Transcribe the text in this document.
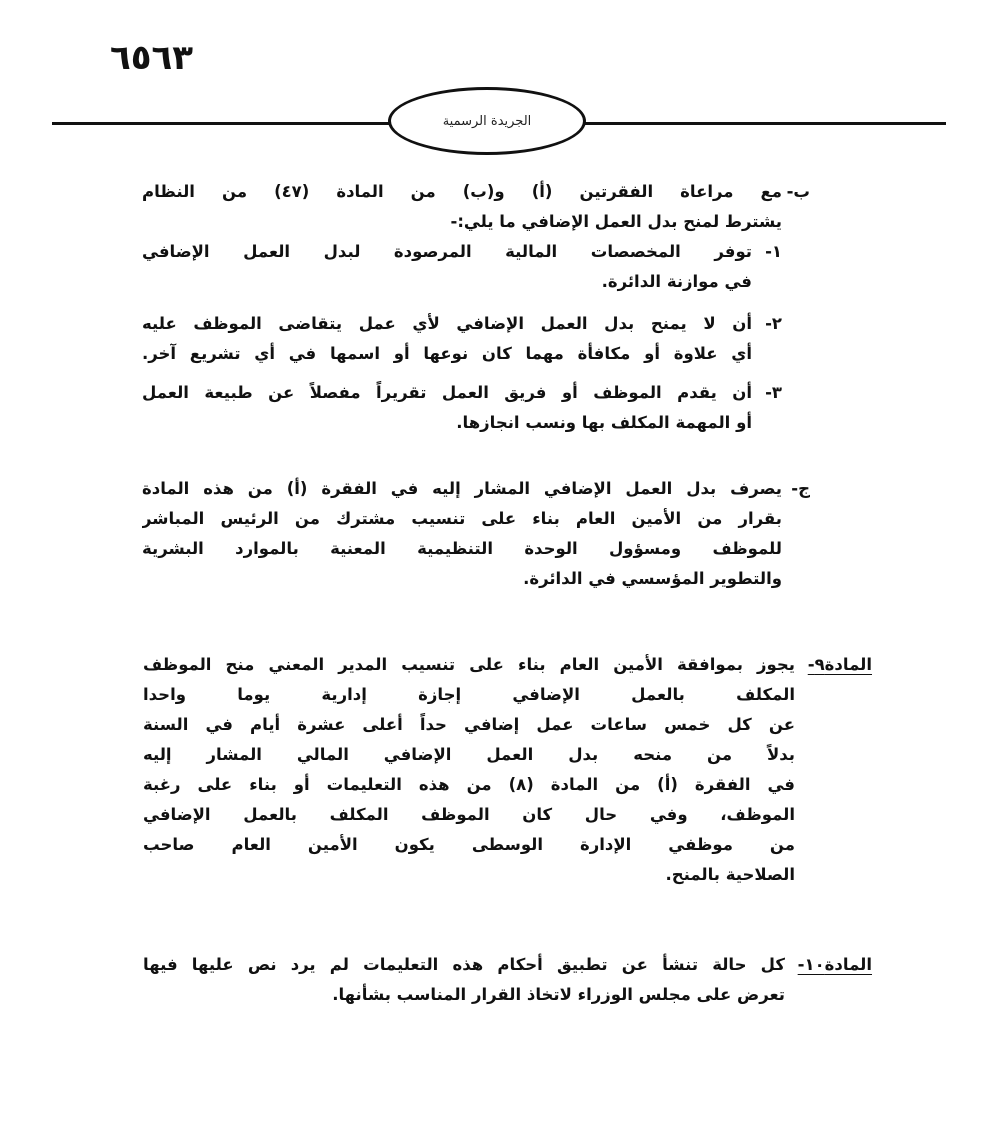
٦٥٦٣
الجريدة الرسمية
ب-
مع مراعاة الفقرتين (أ) و(ب) من المادة (٤٧) من النظام
يشترط لمنح بدل العمل الإضافي ما يلي:-
١-
توفر المخصصات المالية المرصودة لبدل العمل الإضافي
في موازنة الدائرة.
٢-
أن لا يمنح بدل العمل الإضافي لأي عمل يتقاضى الموظف عليه
أي علاوة أو مكافأة مهما كان نوعها أو اسمها في أي تشريع آخر.
٣-
أن يقدم الموظف أو فريق العمل تقريراً مفصلاً عن طبيعة العمل
أو المهمة المكلف بها ونسب انجازها.
ج-
يصرف بدل العمل الإضافي المشار إليه في الفقرة (أ) من هذه المادة
بقرار من الأمين العام بناء على تنسيب مشترك من الرئيس المباشر
للموظف ومسؤول الوحدة التنظيمية المعنية بالموارد البشرية
والتطوير المؤسسي في الدائرة.
المادة٩-
يجوز بموافقة الأمين العام بناء على تنسيب المدير المعني منح الموظف
المكلف بالعمل الإضافي إجازة إدارية يوما واحدا
عن كل خمس ساعات عمل إضافي حداً أعلى عشرة أيام في السنة
بدلاً من منحه بدل العمل الإضافي المالي المشار إليه
في الفقرة (أ) من المادة (٨) من هذه التعليمات أو بناء على رغبة
الموظف، وفي حال كان الموظف المكلف بالعمل الإضافي
من موظفي الإدارة الوسطى يكون الأمين العام صاحب
الصلاحية بالمنح.
المادة١٠-
كل حالة تنشأ عن تطبيق أحكام هذه التعليمات لم يرد نص عليها فيها
تعرض على مجلس الوزراء لاتخاذ القرار المناسب بشأنها.
